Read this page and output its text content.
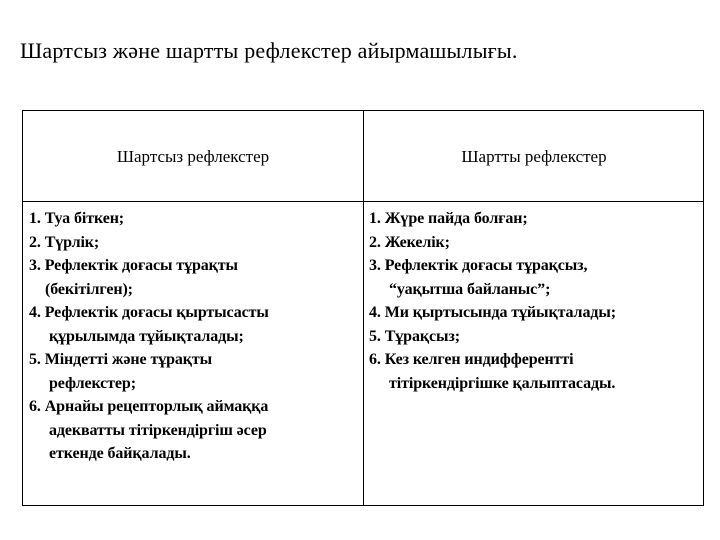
Шартсыз және шартты рефлекстер айырмашылығы.
Шартсыз рефлекстер	Шартты рефлекстер
1. Туа біткен;
2. Түрлік;
3. Рефлектік доғасы тұрақты
(бекітілген);
4. Рефлектік доғасы қыртысасты
құрылымда тұйықталады;
5. Міндетті және тұрақты
рефлекстер;
6. Арнайы рецепторлық аймаққа
адекватты тітіркендіргіш әсер
еткенде байқалады.
1. Жүре пайда болған;
2. Жекелік;
3. Рефлектік доғасы тұрақсыз,
“уақытша байланыс”;
4. Ми қыртысында тұйықталады;
5. Тұрақсыз;
6. Кез келген индифферентті
тітіркендіргішке қалыптасады.
